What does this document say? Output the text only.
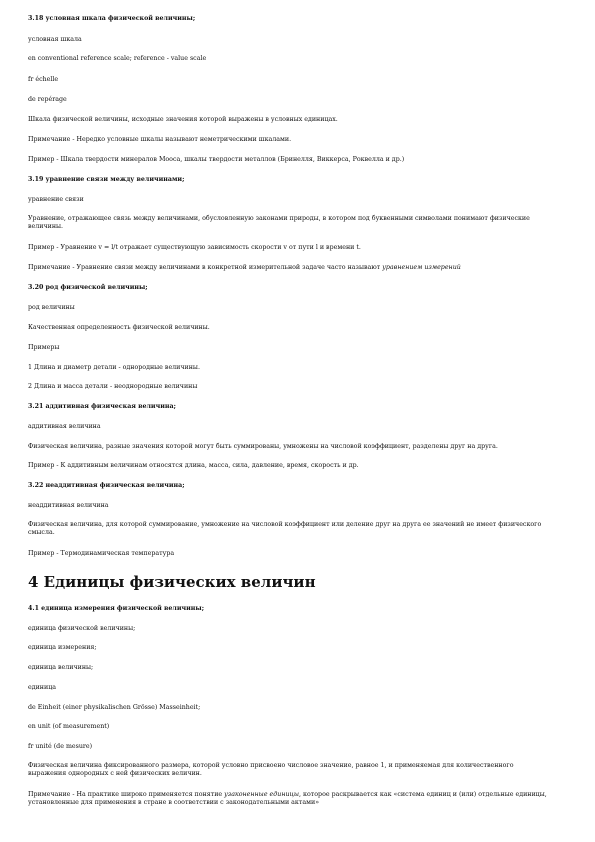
3.18 условная шкала физической величины;

условная шкала

en conventional reference scale; reference - value scale

fr échelle

de repérage

Шкала физической величины, исходные значения которой выражены в условных единицах.

Примечание - Нередко условные шкалы называют неметрическими шкалами.

Пример - Шкала твердости минералов Мооса, шкалы твердости металлов (Бринелля, Виккерса, Роквелла и др.)

3.19 уравнение связи между величинами;

уравнение связи

Уравнение, отражающее связь между величинами, обусловленную законами природы, в котором под буквенными символами понимают физические величины.

Пример - Уравнение v = l/t отражает существующую зависимость скорости v от пути l и времени t.

Примечание - Уравнение связи между величинами в конкретной измерительной задаче часто называют уравнением измерений

3.20 род физической величины;

род величины

Качественная определенность физической величины.

Примеры

1 Длина и диаметр детали - однородные величины.

2 Длина и масса детали - неоднородные величины

3.21 аддитивная физическая величина;

аддитивная величина

Физическая величина, разные значения которой могут быть суммированы, умножены на числовой коэффициент, разделены друг на друга.

Пример - К аддитивным величинам относятся длина, масса, сила, давление, время, скорость и др.

3.22 неаддитивная физическая величина;

неаддитивная величина

Физическая величина, для которой суммирование, умножение на числовой коэффициент или деление друг на друга ее значений не имеет физического смысла.

Пример - Термодинамическая температура

4 Единицы физических величин

4.1 единица измерения физической величины;

единица физической величины;

единица измерения;

единица величины;

единица

de Einheit (einer physikalischen Grösse) Masseinheit;

en unit (of measurement)

fr unité (de mesure)

Физическая величина фиксированного размера, которой условно присвоено числовое значение, равное 1, и применяемая для количественного выражения однородных с ней физических величин.

Примечание - На практике широко применяется понятие узаконенные единицы, которое раскрывается как «система единиц и (или) отдельные единицы, установленные для применения в стране в соответствии с законодательными актами»
